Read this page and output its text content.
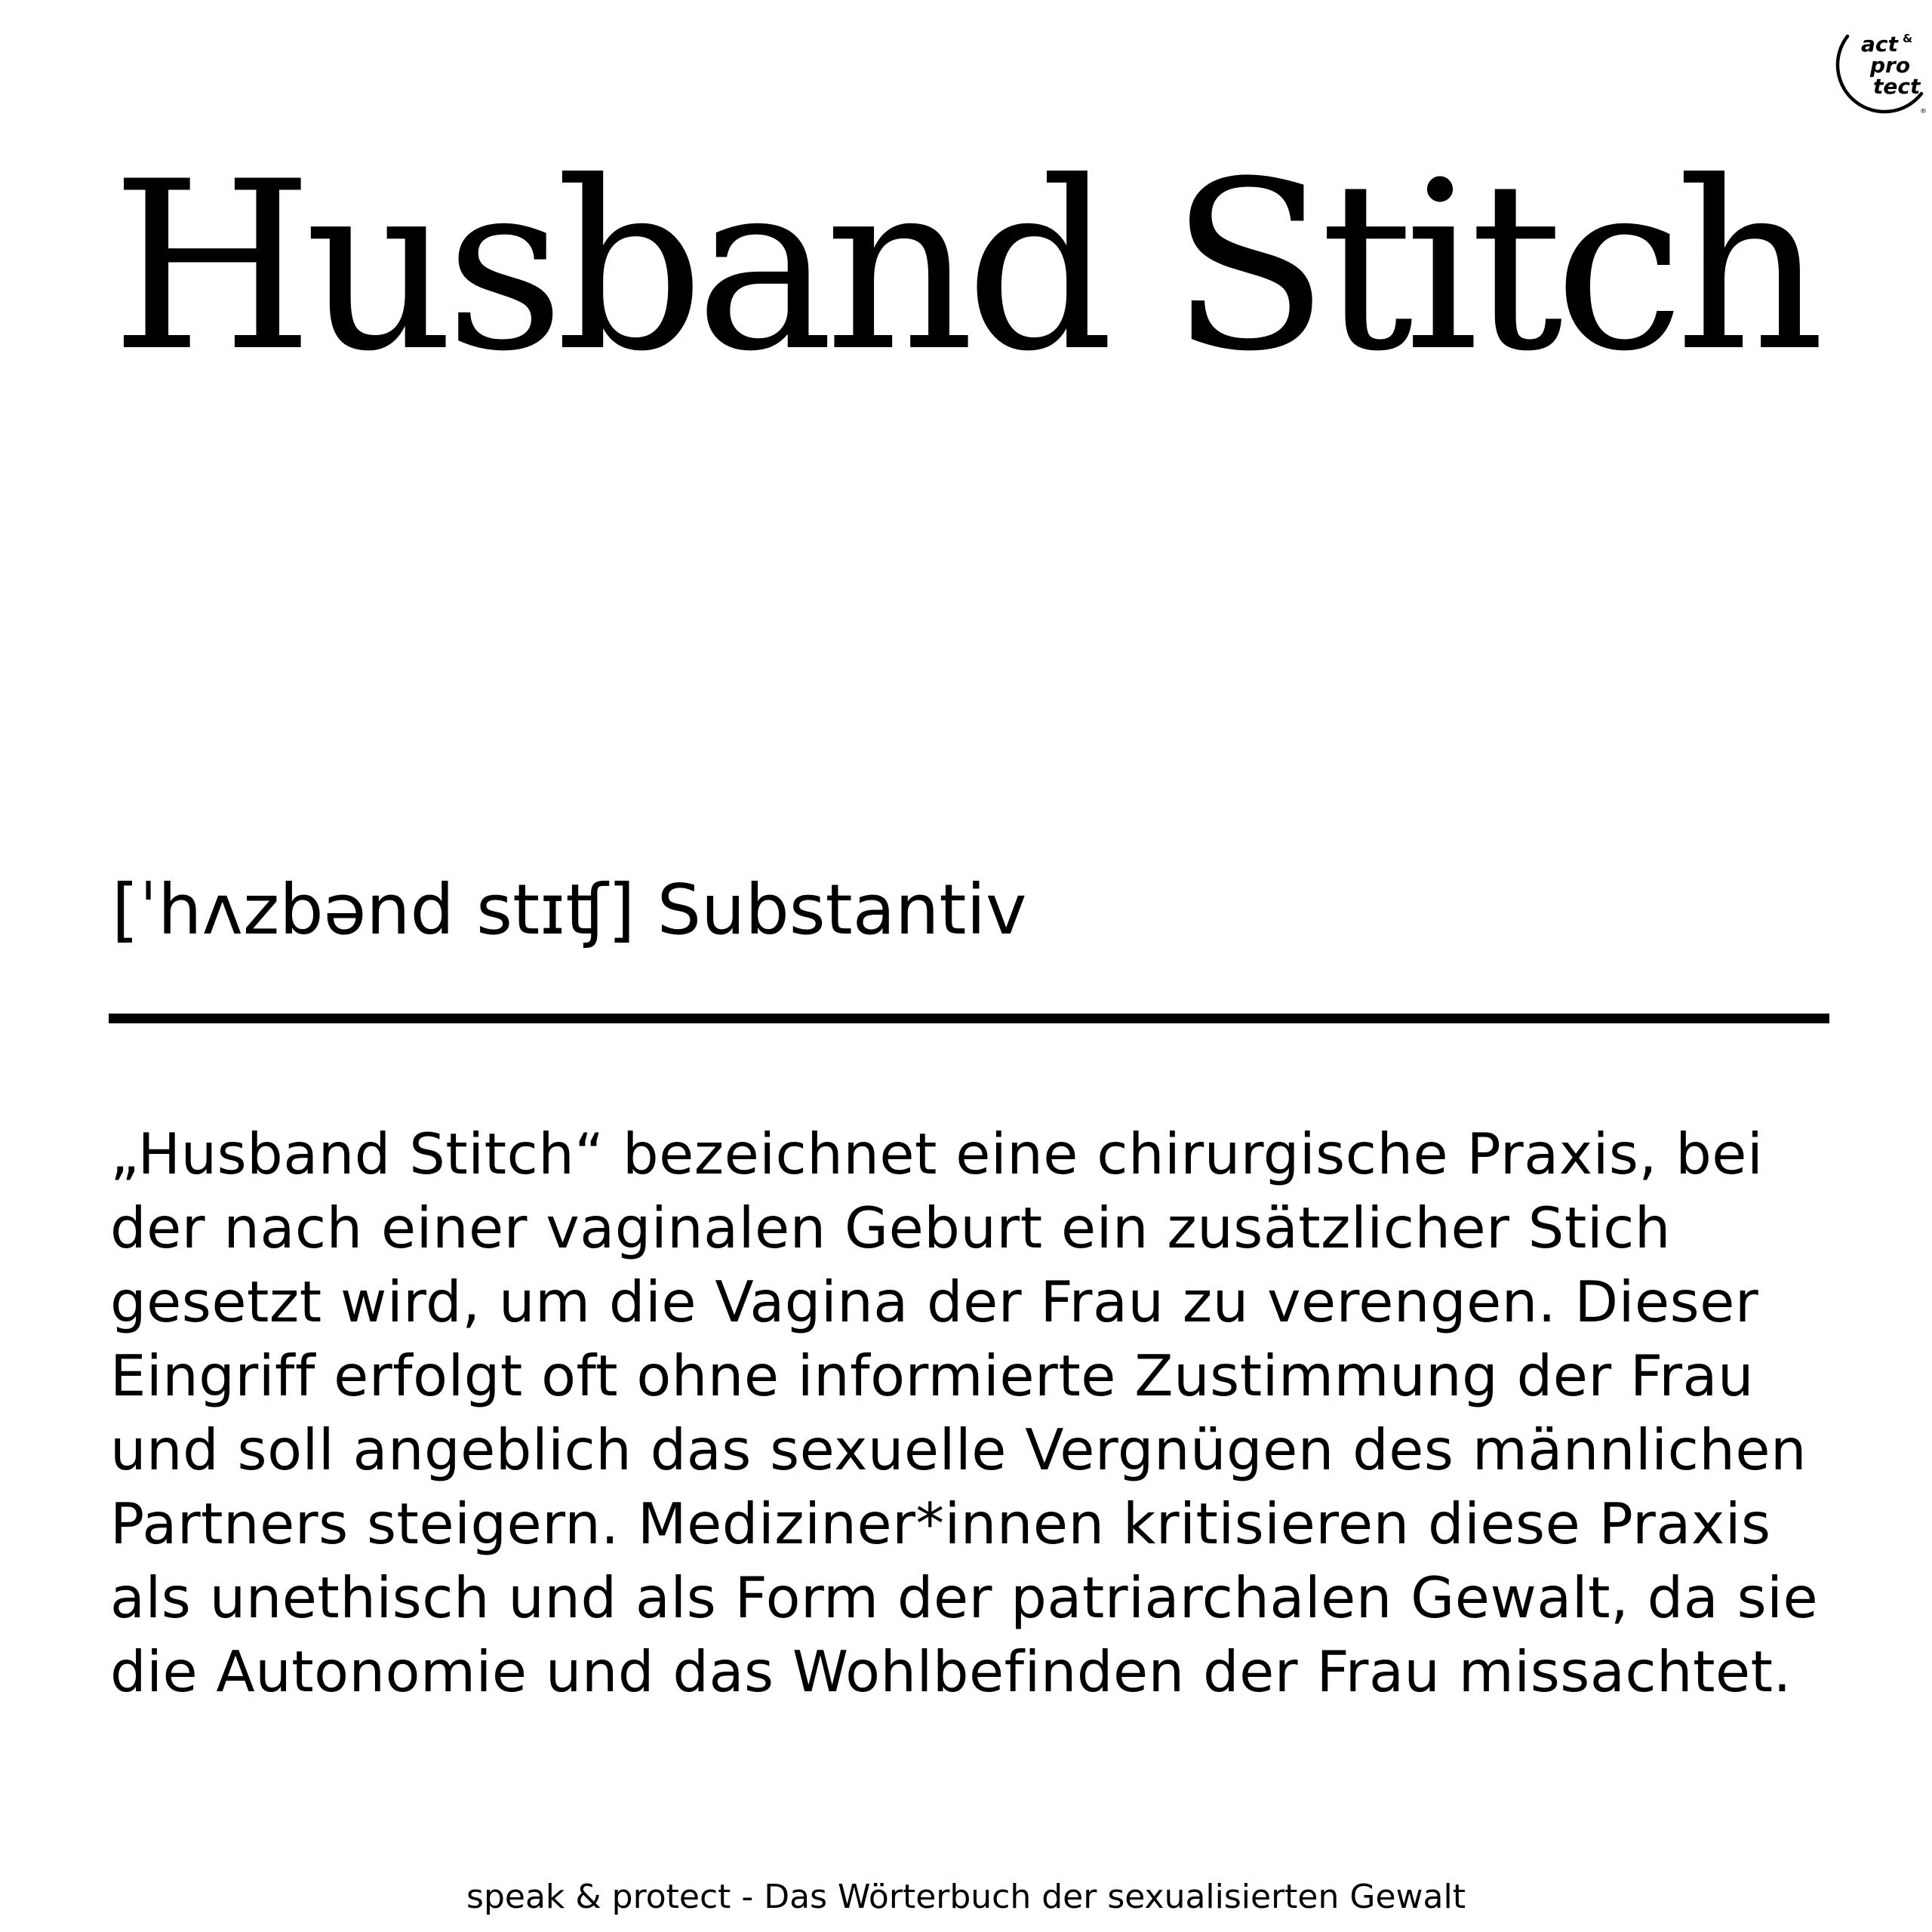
act &
pro
tect
®
Husband Stitch
[ˈhʌzbənd stɪʧ] Substantiv

„Husband Stitch“ bezeichnet eine chirurgische Praxis, bei der nach einer vaginalen Geburt ein zusätzlicher Stich gesetzt wird, um die Vagina der Frau zu verengen. Dieser Eingriff erfolgt oft ohne informierte Zustimmung der Frau und soll angeblich das sexuelle Vergnügen des männlichen Partners steigern. Mediziner*innen kritisieren diese Praxis als unethisch und als Form der patriarchalen Gewalt, da sie die Autonomie und das Wohlbefinden der Frau missachtet.

speak & protect - Das Wörterbuch der sexualisierten Gewalt
